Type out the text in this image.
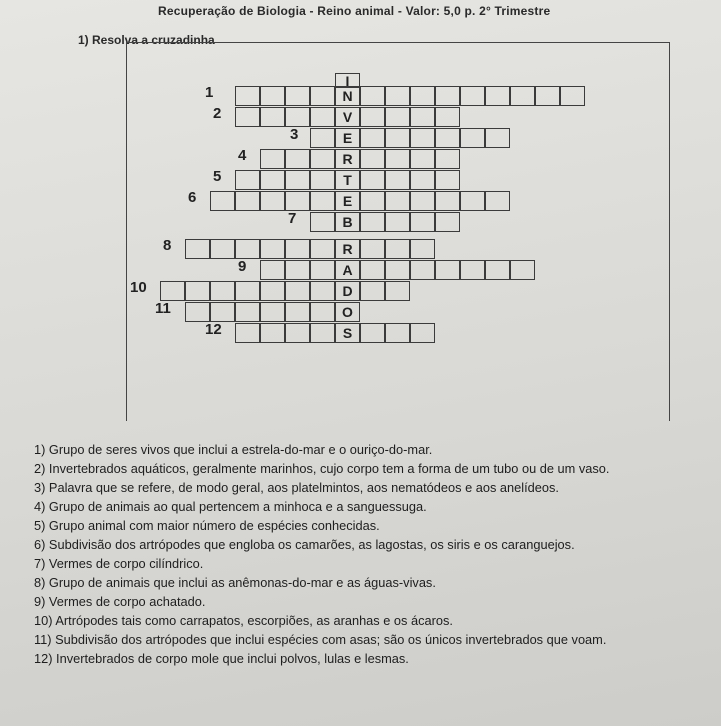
Recuperação de Biologia - Reino animal - Valor: 5,0 p. 2° Trimestre
1) Resolva a cruzadinha
N
1
V
2
E
3
R
4
T
5
E
6
B
7
R
8
A
9
D
10
O
11
S
12
I
1) Grupo de seres vivos que inclui a estrela-do-mar e o ouriço-do-mar.
2) Invertebrados aquáticos, geralmente marinhos, cujo corpo tem a forma de um tubo ou de um vaso.
3) Palavra que se refere, de modo geral, aos platelmintos, aos nematódeos e aos anelídeos.
4) Grupo de animais ao qual pertencem a minhoca e a sanguessuga.
5) Grupo animal com maior número de espécies conhecidas.
6) Subdivisão dos artrópodes que engloba os camarões, as lagostas, os siris e os caranguejos.
7) Vermes de corpo cilíndrico.
8) Grupo de animais que inclui as anêmonas-do-mar e as águas-vivas.
9) Vermes de corpo achatado.
10) Artrópodes tais como carrapatos, escorpiões, as aranhas e os ácaros.
11) Subdivisão dos artrópodes que inclui espécies com asas; são os únicos invertebrados que voam.
12) Invertebrados de corpo mole que inclui polvos, lulas e lesmas.
